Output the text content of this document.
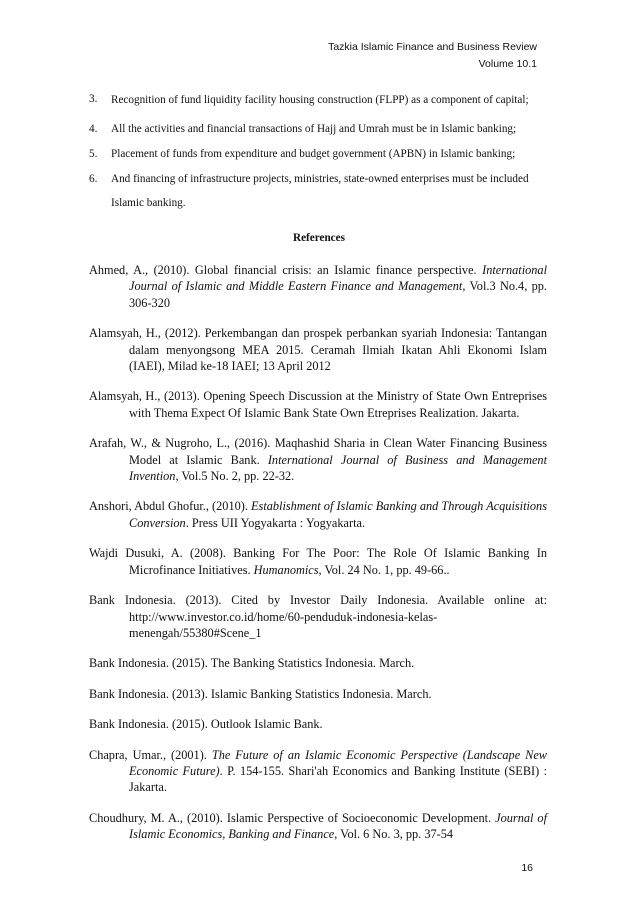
Tazkia Islamic Finance and Business Review
Volume 10.1
3.	Recognition of fund liquidity facility housing construction (FLPP) as a component of capital;
4.	All the activities and financial transactions of Hajj and Umrah must be in Islamic banking;
5.	Placement of funds from expenditure and budget government (APBN) in Islamic banking;
6.	And financing of infrastructure projects, ministries, state-owned enterprises must be included Islamic banking.
References
Ahmed, A., (2010). Global financial crisis: an Islamic finance perspective. International Journal of Islamic and Middle Eastern Finance and Management, Vol.3 No.4, pp. 306-320
Alamsyah, H., (2012). Perkembangan dan prospek perbankan syariah Indonesia: Tantangan dalam menyongsong MEA 2015. Ceramah Ilmiah Ikatan Ahli Ekonomi Islam (IAEI), Milad ke-18 IAEI; 13 April 2012
Alamsyah, H., (2013). Opening Speech Discussion at the Ministry of State Own Entreprises with Thema Expect Of Islamic Bank State Own Etreprises Realization. Jakarta.
Arafah, W., & Nugroho, L., (2016). Maqhashid Sharia in Clean Water Financing Business Model at Islamic Bank. International Journal of Business and Management Invention, Vol.5 No. 2, pp. 22-32.
Anshori, Abdul Ghofur., (2010). Establishment of Islamic Banking and Through Acquisitions Conversion. Press UII Yogyakarta : Yogyakarta.
Wajdi Dusuki, A. (2008). Banking For The Poor: The Role Of Islamic Banking In Microfinance Initiatives. Humanomics, Vol. 24 No. 1, pp. 49-66..
Bank Indonesia. (2013). Cited by Investor Daily Indonesia. Available online at: http://www.investor.co.id/home/60-penduduk-indonesia-kelas-menengah/55380#Scene_1
Bank Indonesia. (2015). The Banking Statistics Indonesia. March.
Bank Indonesia. (2013). Islamic Banking Statistics Indonesia. March.
Bank Indonesia. (2015). Outlook Islamic Bank.
Chapra, Umar., (2001). The Future of an Islamic Economic Perspective (Landscape New Economic Future). P. 154-155. Shari'ah Economics and Banking Institute (SEBI) : Jakarta.
Choudhury, M. A., (2010). Islamic Perspective of Socioeconomic Development. Journal of Islamic Economics, Banking and Finance, Vol. 6 No. 3, pp. 37-54
16
